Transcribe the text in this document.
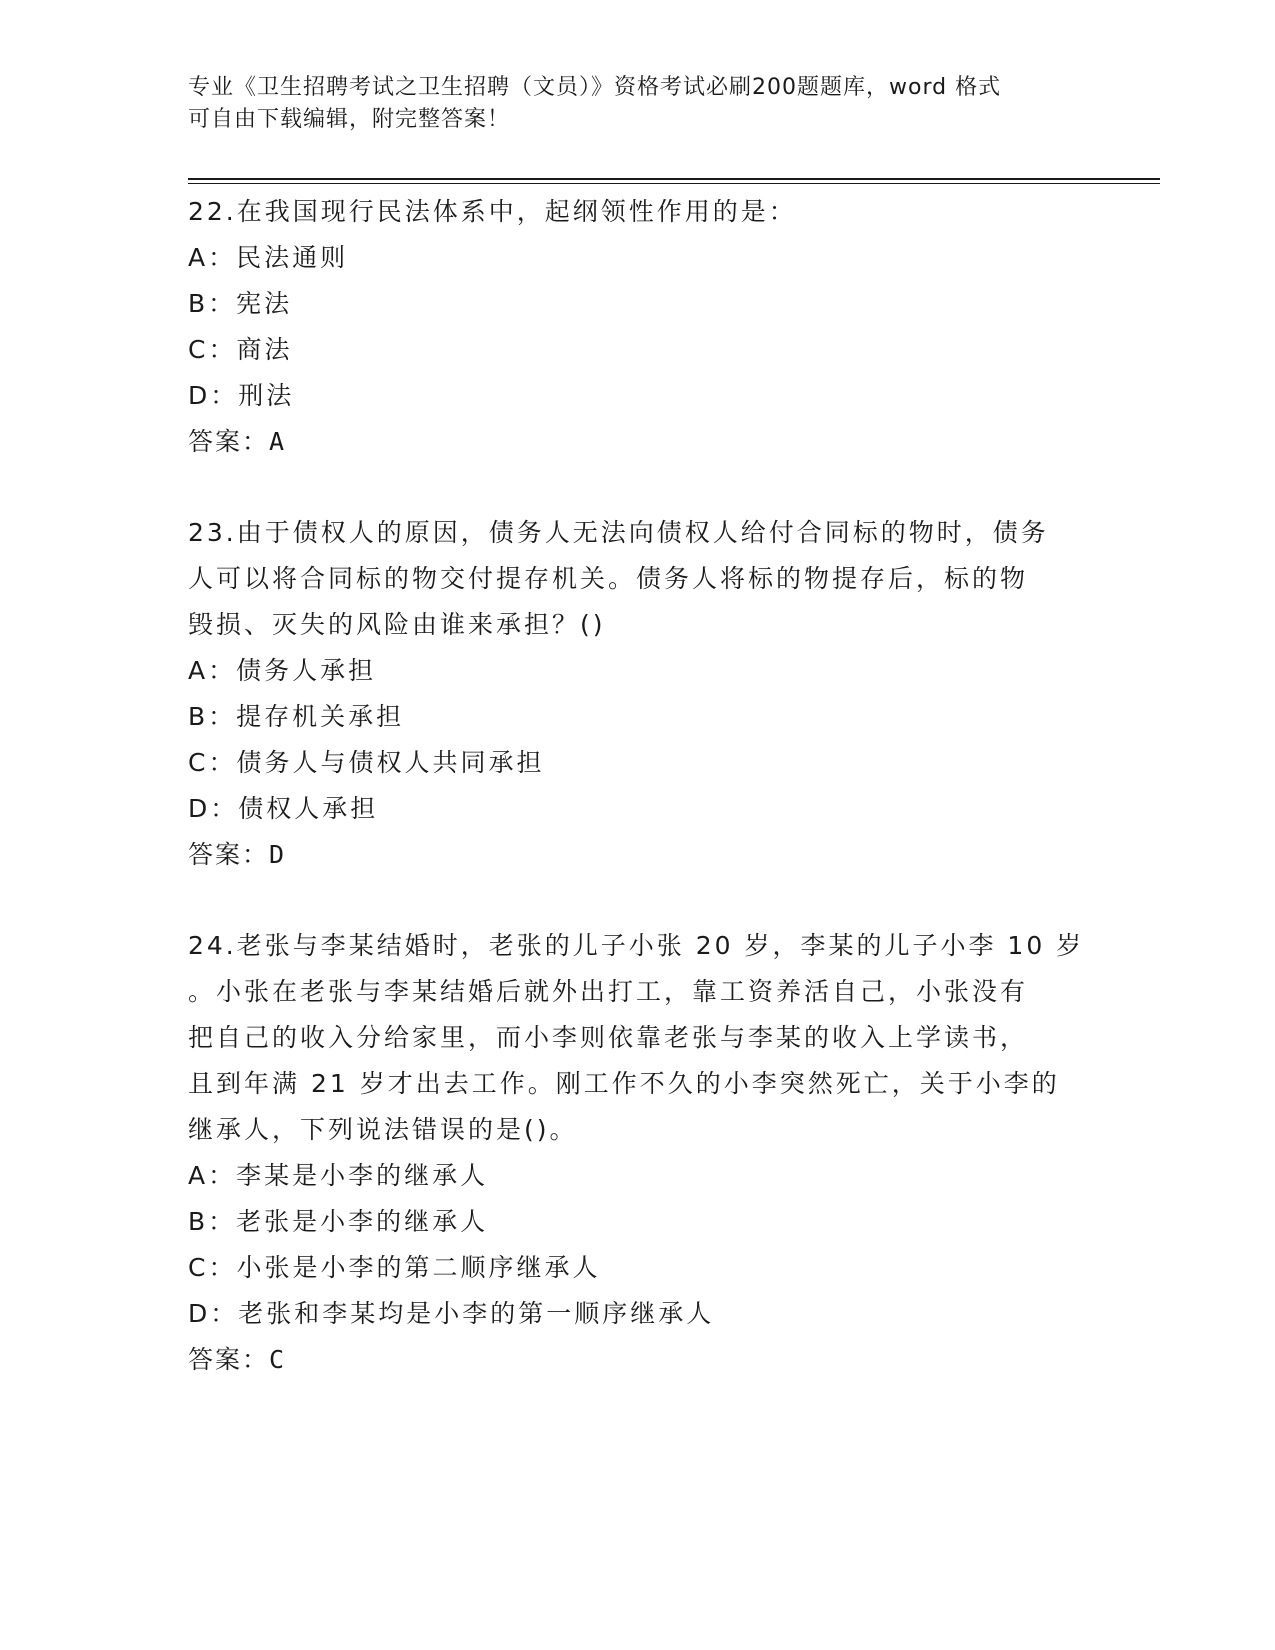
专业《卫生招聘考试之卫生招聘（文员）》资格考试必刷200题题库，word 格式
可自由下载编辑，附完整答案！

22.在我国现行民法体系中，起纲领性作用的是：

A：民法通则

B：宪法

C：商法

D：刑法

答案：A

23.由于债权人的原因，债务人无法向债权人给付合同标的物时，债务

人可以将合同标的物交付提存机关。债务人将标的物提存后，标的物

毁损、灭失的风险由谁来承担？()

A：债务人承担

B：提存机关承担

C：债务人与债权人共同承担

D：债权人承担

答案：D

24.老张与李某结婚时，老张的儿子小张 20 岁，李某的儿子小李 10 岁

。小张在老张与李某结婚后就外出打工，靠工资养活自己，小张没有

把自己的收入分给家里，而小李则依靠老张与李某的收入上学读书，

且到年满 21 岁才出去工作。刚工作不久的小李突然死亡，关于小李的

继承人，下列说法错误的是()。

A：李某是小李的继承人

B：老张是小李的继承人

C：小张是小李的第二顺序继承人

D：老张和李某均是小李的第一顺序继承人

答案：C
